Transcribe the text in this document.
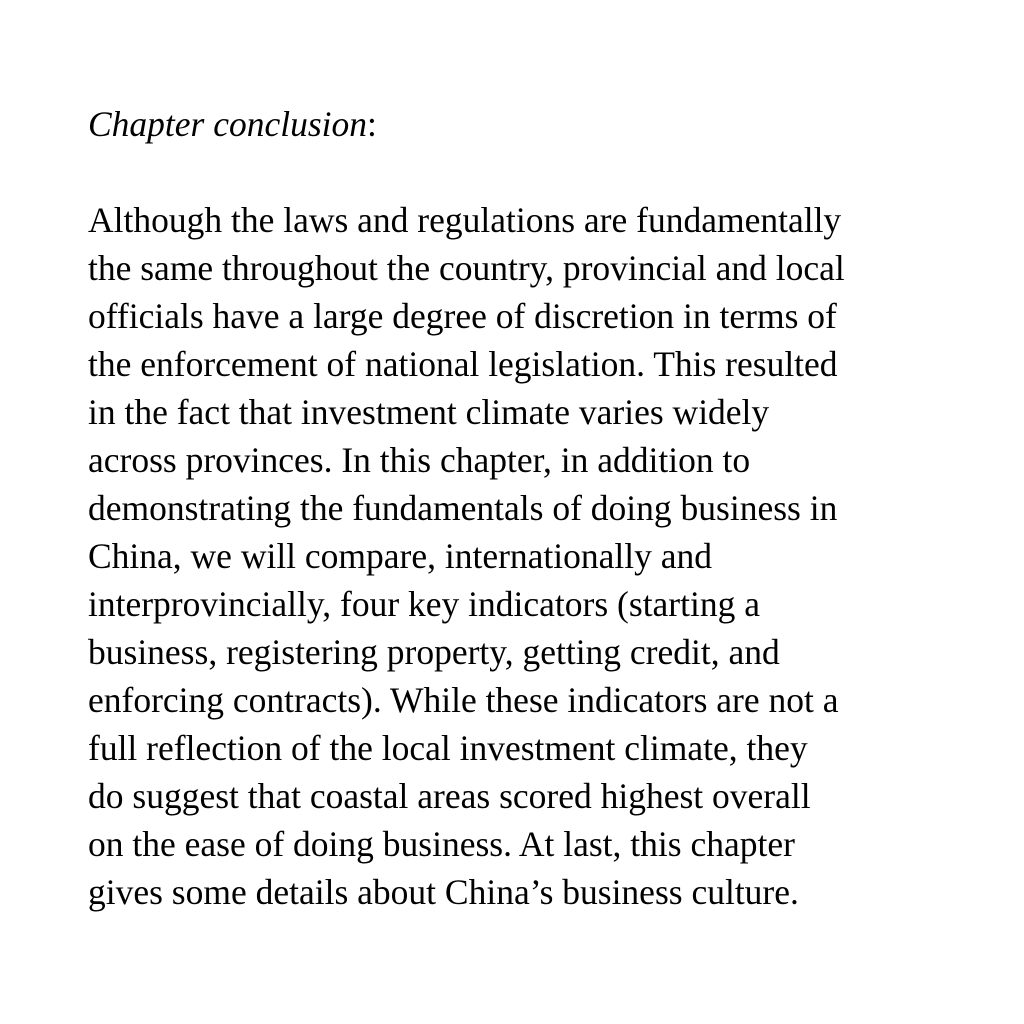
Chapter conclusion:

Although the laws and regulations are fundamentally
the same throughout the country, provincial and local
officials have a large degree of discretion in terms of
the enforcement of national legislation. This resulted
in the fact that investment climate varies widely
across provinces. In this chapter, in addition to
demonstrating the fundamentals of doing business in
China, we will compare, internationally and
interprovincially, four key indicators (starting a
business, registering property, getting credit, and
enforcing contracts). While these indicators are not a
full reflection of the local investment climate, they
do suggest that coastal areas scored highest overall
on the ease of doing business. At last, this chapter
gives some details about China’s business culture.
